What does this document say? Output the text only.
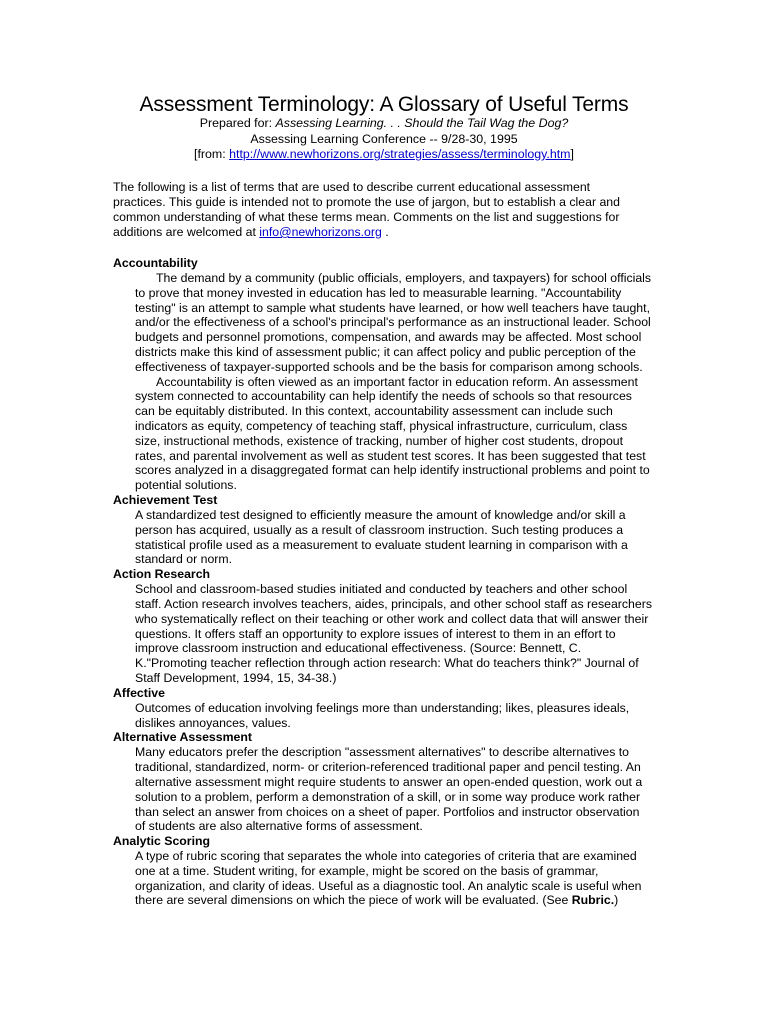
Assessment Terminology: A Glossary of Useful Terms
Prepared for: Assessing Learning. . . Should the Tail Wag the Dog?
Assessing Learning Conference -- 9/28-30, 1995
[from: http://www.newhorizons.org/strategies/assess/terminology.htm]

The following is a list of terms that are used to describe current educational assessment practices. This guide is intended not to promote the use of jargon, but to establish a clear and common understanding of what these terms mean. Comments on the list and suggestions for additions are welcomed at info@newhorizons.org .

Accountability

The demand by a community (public officials, employers, and taxpayers) for school officials to prove that money invested in education has led to measurable learning. "Accountability testing" is an attempt to sample what students have learned, or how well teachers have taught, and/or the effectiveness of a school's principal's performance as an instructional leader. School budgets and personnel promotions, compensation, and awards may be affected. Most school districts make this kind of assessment public; it can affect policy and public perception of the effectiveness of taxpayer-supported schools and be the basis for comparison among schools.

Accountability is often viewed as an important factor in education reform. An assessment system connected to accountability can help identify the needs of schools so that resources can be equitably distributed. In this context, accountability assessment can include such indicators as equity, competency of teaching staff, physical infrastructure, curriculum, class size, instructional methods, existence of tracking, number of higher cost students, dropout rates, and parental involvement as well as student test scores. It has been suggested that test scores analyzed in a disaggregated format can help identify instructional problems and point to potential solutions.

Achievement Test

A standardized test designed to efficiently measure the amount of knowledge and/or skill a person has acquired, usually as a result of classroom instruction. Such testing produces a statistical profile used as a measurement to evaluate student learning in comparison with a standard or norm.

Action Research

School and classroom-based studies initiated and conducted by teachers and other school staff. Action research involves teachers, aides, principals, and other school staff as researchers who systematically reflect on their teaching or other work and collect data that will answer their questions. It offers staff an opportunity to explore issues of interest to them in an effort to improve classroom instruction and educational effectiveness. (Source: Bennett, C. K."Promoting teacher reflection through action research: What do teachers think?" Journal of Staff Development, 1994, 15, 34-38.)

Affective

Outcomes of education involving feelings more than understanding; likes, pleasures ideals, dislikes annoyances, values.

Alternative Assessment

Many educators prefer the description "assessment alternatives" to describe alternatives to traditional, standardized, norm- or criterion-referenced traditional paper and pencil testing. An alternative assessment might require students to answer an open-ended question, work out a solution to a problem, perform a demonstration of a skill, or in some way produce work rather than select an answer from choices on a sheet of paper. Portfolios and instructor observation of students are also alternative forms of assessment.

Analytic Scoring

A type of rubric scoring that separates the whole into categories of criteria that are examined one at a time. Student writing, for example, might be scored on the basis of grammar, organization, and clarity of ideas. Useful as a diagnostic tool. An analytic scale is useful when there are several dimensions on which the piece of work will be evaluated. (See Rubric.)
